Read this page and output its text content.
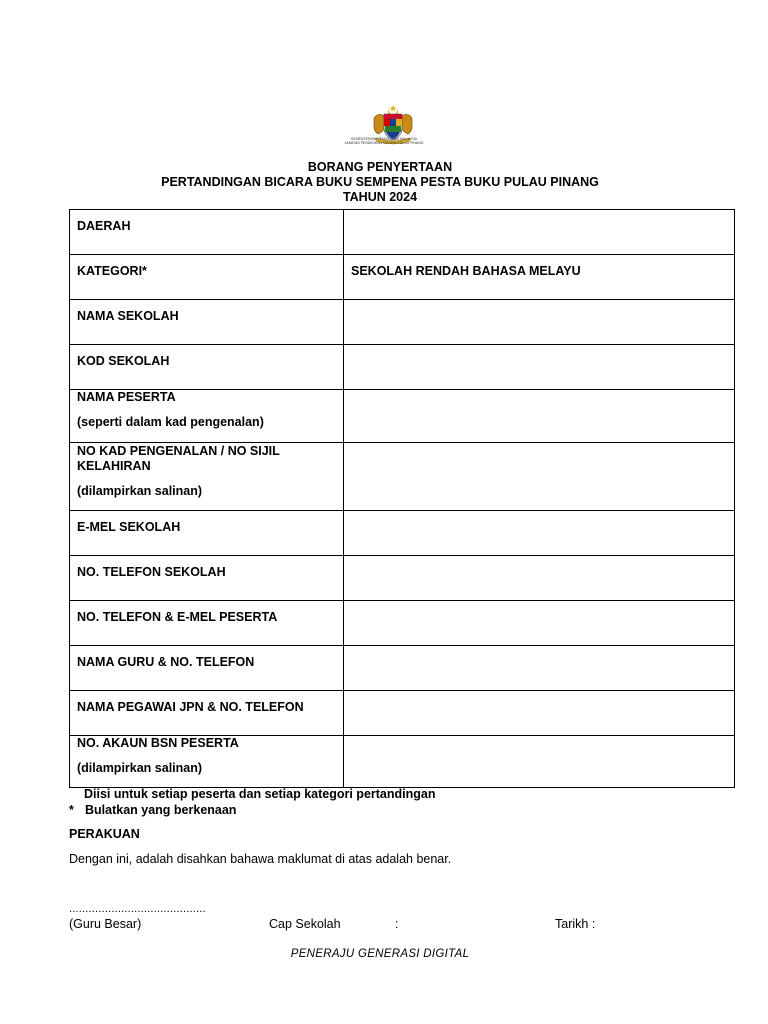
KEMENTERIAN PENDIDIKAN MALAYSIA
JABATAN PENDIDIKAN NEGERI PULAU PINANG
BORANG PENYERTAAN
PERTANDINGAN BICARA BUKU SEMPENA PESTA BUKU PULAU PINANG
TAHUN 2024
DAERAH	

KATEGORI*	SEKOLAH RENDAH BAHASA MELAYU

NAMA SEKOLAH	

KOD SEKOLAH	

NAMA PESERTA
(seperti dalam kad pengenalan)	

NO KAD PENGENALAN / NO SIJIL KELAHIRAN
(dilampirkan salinan)	

E-MEL SEKOLAH	

NO. TELEFON SEKOLAH	

NO. TELEFON & E-MEL PESERTA	

NAMA GURU & NO. TELEFON	

NAMA PEGAWAI JPN & NO. TELEFON	

NO. AKAUN BSN PESERTA
(dilampirkan salinan)	

Diisi untuk setiap peserta dan setiap kategori pertandingan
* Bulatkan yang berkenaan
PERAKUAN
Dengan ini, adalah disahkan bahawa maklumat di atas adalah benar.
..........................................
(Guru Besar)	Cap Sekolah	:	Tarikh :
PENERAJU GENERASI DIGITAL
